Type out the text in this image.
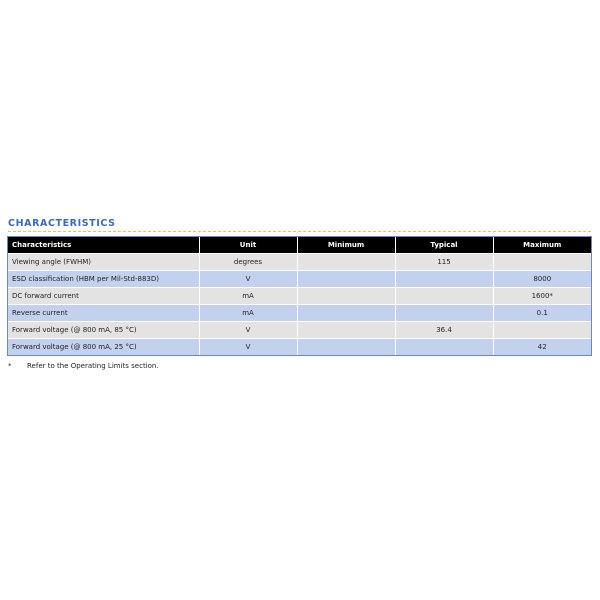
CHARACTERISTICS
Characteristics	Unit	Minimum	Typical	Maximum
Viewing angle (FWHM)	degrees		115	
ESD classification (HBM per Mil-Std-883D)	V			8000
DC forward current	mA			1600*
Reverse current	mA			0.1
Forward voltage (@ 800 mA, 85 °C)	V		36.4	
Forward voltage (@ 800 mA, 25 °C)	V			42
* Refer to the Operating Limits section.
